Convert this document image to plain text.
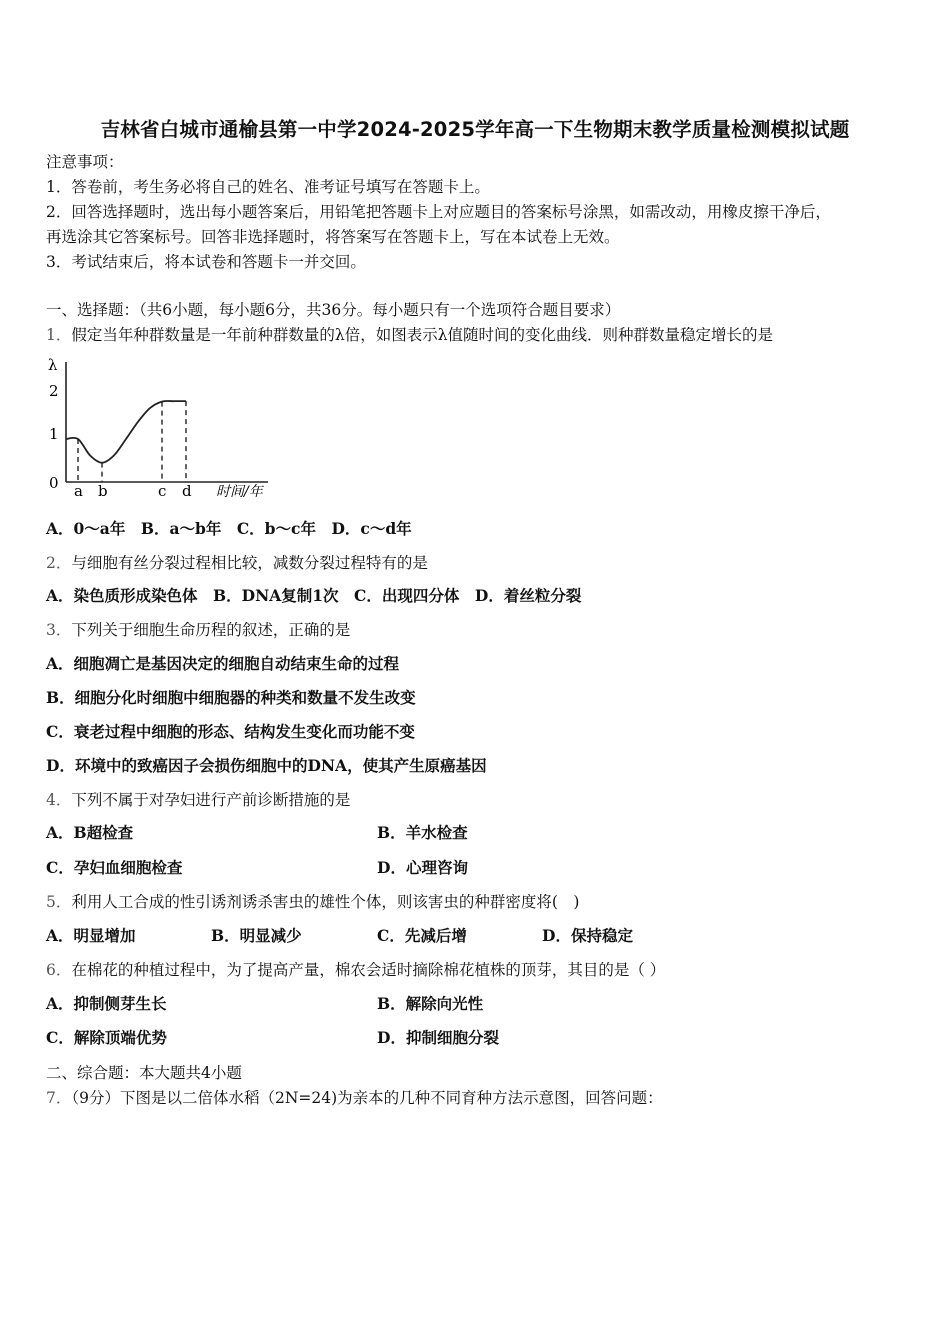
吉林省白城市通榆县第一中学2024-2025学年高一下生物期末教学质量检测模拟试题
注意事项：
1．答卷前，考生务必将自己的姓名、准考证号填写在答题卡上。
2．回答选择题时，选出每小题答案后，用铅笔把答题卡上对应题目的答案标号涂黑，如需改动，用橡皮擦干净后，
再选涂其它答案标号。回答非选择题时，将答案写在答题卡上，写在本试卷上无效。
3．考试结束后，将本试卷和答题卡一并交回。
一、选择题：（共6小题，每小题6分，共36分。每小题只有一个选项符合题目要求）
1．假定当年种群数量是一年前种群数量的λ倍，如图表示λ值随时间的变化曲线．则种群数量稳定增长的是
λ
2
1
0 a b	c d 时间/年
A．0～a年　B．a～b年　C．b～c年　D．c～d年
2．与细胞有丝分裂过程相比较，减数分裂过程特有的是
A．染色质形成染色体　B．DNA复制1次　C．出现四分体　D．着丝粒分裂
3．下列关于细胞生命历程的叙述，正确的是
A．细胞凋亡是基因决定的细胞自动结束生命的过程
B．细胞分化时细胞中细胞器的种类和数量不发生改变
C．衰老过程中细胞的形态、结构发生变化而功能不变
D．环境中的致癌因子会损伤细胞中的DNA，使其产生原癌基因
4．下列不属于对孕妇进行产前诊断措施的是
A．B超检查	B．羊水检查
C．孕妇血细胞检查	D．心理咨询
5．利用人工合成的性引诱剂诱杀害虫的雄性个体，则该害虫的种群密度将(　)
A．明显增加	B．明显减少	C．先减后增	D．保持稳定
6．在棉花的种植过程中，为了提高产量，棉农会适时摘除棉花植株的顶芽，其目的是（ ）
A．抑制侧芽生长	B．解除向光性
C．解除顶端优势	D．抑制细胞分裂
二、综合题：本大题共4小题
7．（9分）下图是以二倍体水稻（2N=24)为亲本的几种不同育种方法示意图，回答问题：
